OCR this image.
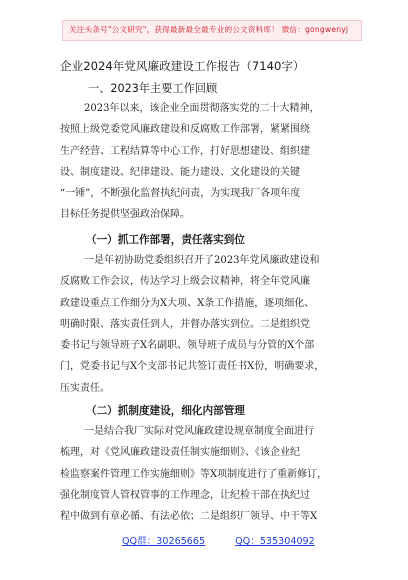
关注头条号"公文研究"，获得最新最全最专业的公文资料库！ 微信：gongwenyj
企业2024年党风廉政建设工作报告（7140字）
一、2023年主要工作回顾
2023年以来，该企业全面贯彻落实党的二十大精神，
按照上级党委党风廉政建设和反腐败工作部署，紧紧围绕
生产经营、工程结算等中心工作，打好思想建设、组织建
设、制度建设、纪律建设、能力建设、文化建设的关键
“一锤”，不断强化监督执纪问责，为实现我厂各项年度
目标任务提供坚强政治保障。
（一）抓工作部署，责任落实到位
一是年初协助党委组织召开了2023年党风廉政建设和
反腐败工作会议，传达学习上级会议精神，将全年党风廉
政建设重点工作细分为X大项、X条工作措施，逐项细化、
明确时限、落实责任到人，并督办落实到位。二是组织党
委书记与领导班子X名副职、领导班子成员与分管的X个部
门，党委书记与X个支部书记共签订责任书X份，明确要求，
压实责任。
（二）抓制度建设，细化内部管理
一是结合我厂实际对党风廉政建设规章制度全面进行
梳理，对《党风廉政建设责任制实施细则》、《该企业纪
检监察案件管理工作实施细则》等X项制度进行了重新修订，
强化制度管人管权管事的工作理念，让纪检干部在执纪过
程中做到有章必循、有法必依；二是组织厂领导、中干等X
QQ群：30265665	QQ：535304092
